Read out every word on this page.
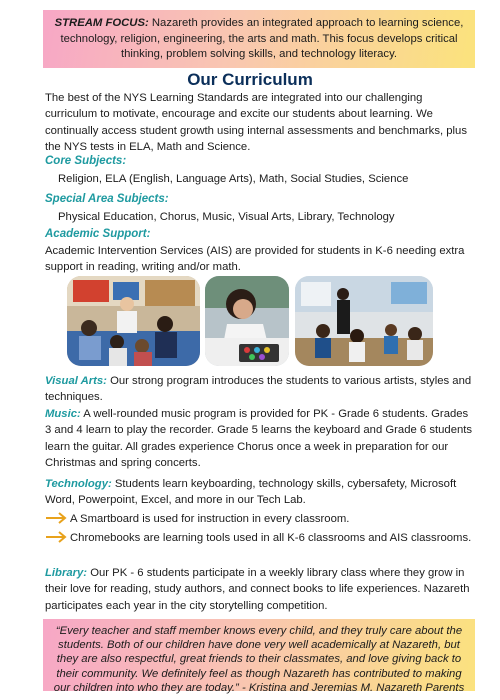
STREAM FOCUS: Nazareth provides an integrated approach to learning science, technology, religion, engineering, the arts and math. This focus develops critical thinking, problem solving skills, and technology literacy.
Our Curriculum

The best of the NYS Learning Standards are integrated into our challenging curriculum to motivate, encourage and excite our students about learning. We continually access student growth using internal assessments and benchmarks, plus the NYS tests in ELA, Math and Science.

Core Subjects:

Religion, ELA (English, Language Arts), Math, Social Studies, Science

Special Area Subjects:

Physical Education, Chorus, Music, Visual Arts, Library, Technology

Academic Support:

Academic Intervention Services (AIS) are provided for students in K-6 needing extra support in reading, writing and/or math.

Visual Arts: Our strong program introduces the students to various artists, styles and techniques.

Music: A well-rounded music program is provided for PK - Grade 6 students. Grades 3 and 4 learn to play the recorder. Grade 5 learns the keyboard and Grade 6 students learn the guitar. All grades experience Chorus once a week in preparation for our Christmas and spring concerts.

Technology: Students learn keyboarding, technology skills, cybersafety, Microsoft Word, Powerpoint, Excel, and more in our Tech Lab.

A Smartboard is used for instruction in every classroom.
Chromebooks are learning tools used in all K-6 classrooms and AIS classrooms.

Library: Our PK - 6 students participate in a weekly library class where they grow in their love for reading, study authors, and connect books to life experiences. Nazareth participates each year in the city storytelling competition.

“Every teacher and staff member knows every child, and they truly care about the students. Both of our children have done very well academically at Nazareth, but they are also respectful, great friends to their classmates, and love giving back to their community. We definitely feel as though Nazareth has contributed to making our children into who they are today.” - Kristina and Jeremias M. Nazareth Parents
